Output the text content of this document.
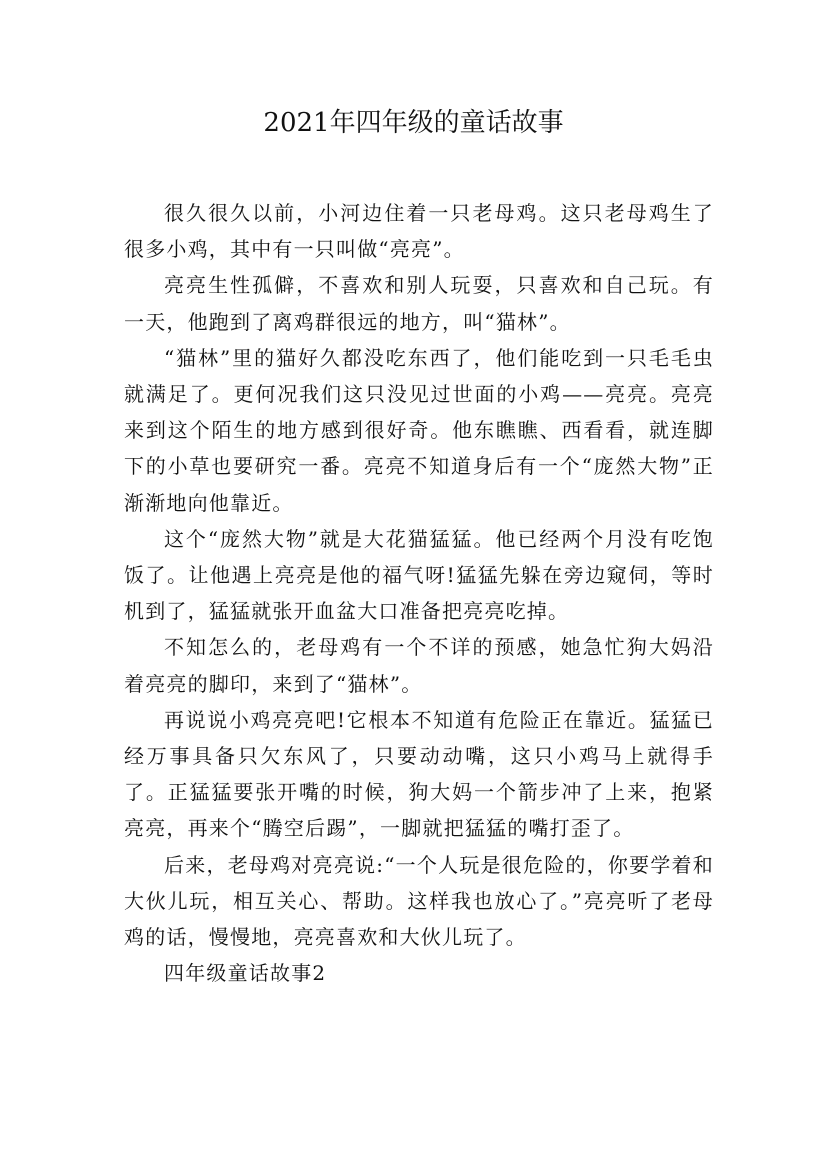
2021年四年级的童话故事

很久很久以前，小河边住着一只老母鸡。这只老母鸡生了很多小鸡，其中有一只叫做“亮亮”。

亮亮生性孤僻，不喜欢和别人玩耍，只喜欢和自己玩。有一天，他跑到了离鸡群很远的地方，叫“猫林”。

“猫林”里的猫好久都没吃东西了，他们能吃到一只毛毛虫就满足了。更何况我们这只没见过世面的小鸡——亮亮。亮亮来到这个陌生的地方感到很好奇。他东瞧瞧、西看看，就连脚下的小草也要研究一番。亮亮不知道身后有一个“庞然大物”正渐渐地向他靠近。

这个“庞然大物”就是大花猫猛猛。他已经两个月没有吃饱饭了。让他遇上亮亮是他的福气呀!猛猛先躲在旁边窥伺，等时机到了，猛猛就张开血盆大口准备把亮亮吃掉。

不知怎么的，老母鸡有一个不详的预感，她急忙狗大妈沿着亮亮的脚印，来到了“猫林”。

再说说小鸡亮亮吧!它根本不知道有危险正在靠近。猛猛已经万事具备只欠东风了，只要动动嘴，这只小鸡马上就得手了。正猛猛要张开嘴的时候，狗大妈一个箭步冲了上来，抱紧亮亮，再来个“腾空后踢”，一脚就把猛猛的嘴打歪了。

后来，老母鸡对亮亮说:“一个人玩是很危险的，你要学着和大伙儿玩，相互关心、帮助。这样我也放心了。”亮亮听了老母鸡的话，慢慢地，亮亮喜欢和大伙儿玩了。

四年级童话故事2
